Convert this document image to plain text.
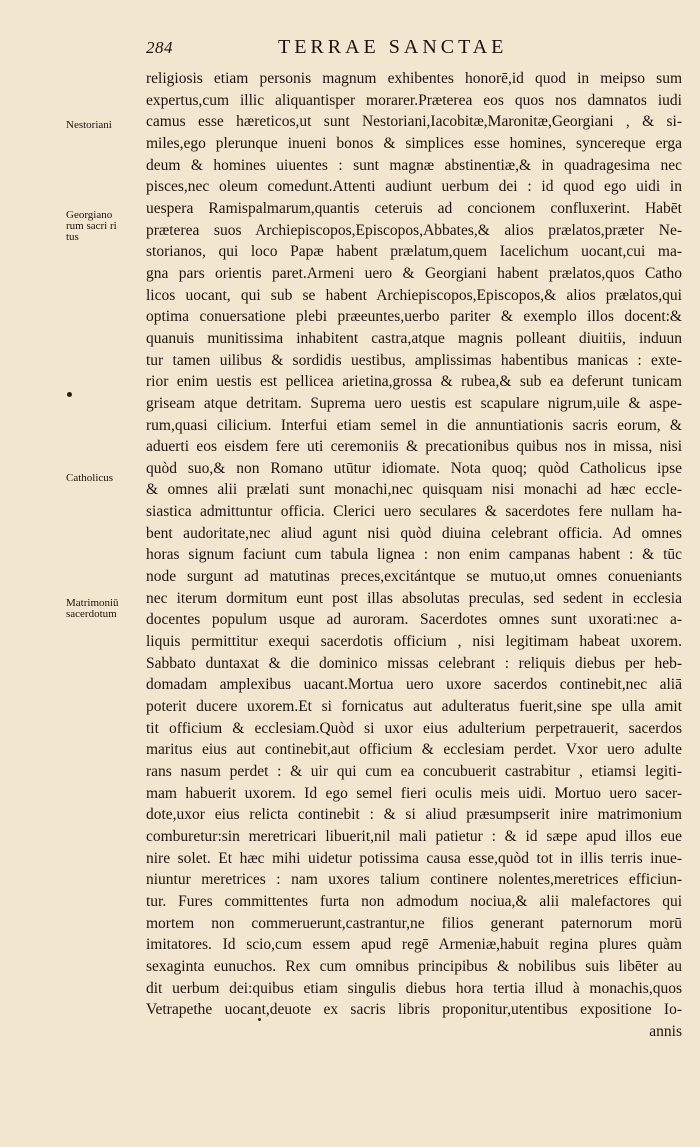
284	TERRAE SANCTAE
Nestoriani
Georgiano
rum sacri ri
tus
Catholicus
Matrimoniū
sacerdotum
religiosis etiam personis magnum exhibentes honorē,id quod in meipso sum
expertus,cum illic aliquantisper morarer.Præterea eos quos nos damnatos iudi
camus esse hæreticos,ut sunt Nestoriani,Iacobitæ,Maronitæ,Georgiani , & si-
miles,ego plerunque inueni bonos & simplices esse homines, syncereque erga
deum & homines uiuentes : sunt magnæ abstinentiæ,& in quadragesima nec
pisces,nec oleum comedunt.Attenti audiunt uerbum dei : id quod ego uidi in
uespera Ramispalmarum,quantis ceteruis ad concionem confluxerint. Habēt
præterea suos Archiepiscopos,Episcopos,Abbates,& alios prælatos,præter Ne-
storianos, qui loco Papæ habent prælatum,quem Iacelichum uocant,cui ma-
gna pars orientis paret.Armeni uero & Georgiani habent prælatos,quos Catho
licos uocant, qui sub se habent Archiepiscopos,Episcopos,& alios prælatos,qui
optima conuersatione plebi præeuntes,uerbo pariter & exemplo illos docent:&
quanuis munitissima inhabitent castra,atque magnis polleant diuitiis, induun
tur tamen uilibus & sordidis uestibus, amplissimas habentibus manicas : exte-
rior enim uestis est pellicea arietina,grossa & rubea,& sub ea deferunt tunicam
griseam atque detritam. Suprema uero uestis est scapulare nigrum,uile & aspe-
rum,quasi cilicium. Interfui etiam semel in die annuntiationis sacris eorum, &
aduerti eos eisdem fere uti ceremoniis & precationibus quibus nos in missa, nisi
quòd suo,& non Romano utūtur idiomate. Nota quoq; quòd Catholicus ipse
& omnes alii prælati sunt monachi,nec quisquam nisi monachi ad hæc eccle-
siastica admittuntur officia. Clerici uero seculares & sacerdotes fere nullam ha-
bent audoritate,nec aliud agunt nisi quòd diuina celebrant officia. Ad omnes
horas signum faciunt cum tabula lignea : non enim campanas habent : & tūc
node surgunt ad matutinas preces,excitántque se mutuo,ut omnes conueniants
nec iterum dormitum eunt post illas absolutas preculas, sed sedent in ecclesia
docentes populum usque ad auroram. Sacerdotes omnes sunt uxorati:nec a-
liquis permittitur exequi sacerdotis officium , nisi legitimam habeat uxorem.
Sabbato duntaxat & die dominico missas celebrant : reliquis diebus per heb-
domadam amplexibus uacant.Mortua uero uxore sacerdos continebit,nec aliā
poterit ducere uxorem.Et si fornicatus aut adulteratus fuerit,sine spe ulla amit
tit officium & ecclesiam.Quòd si uxor eius adulterium perpetrauerit, sacerdos
maritus eius aut continebit,aut officium & ecclesiam perdet. Vxor uero adulte
rans nasum perdet : & uir qui cum ea concubuerit castrabitur , etiamsi legiti-
mam habuerit uxorem. Id ego semel fieri oculis meis uidi. Mortuo uero sacer-
dote,uxor eius relicta continebit : & si aliud præsumpserit inire matrimonium
comburetur:sin meretricari libuerit,nil mali patietur : & id sæpe apud illos eue
nire solet. Et hæc mihi uidetur potissima causa esse,quòd tot in illis terris inue-
niuntur meretrices : nam uxores talium continere nolentes,meretrices efficiun-
tur. Fures committentes furta non admodum nociua,& alii malefactores qui
mortem non commeruerunt,castrantur,ne filios generant paternorum morū
imitatores. Id scio,cum essem apud regē Armeniæ,habuit regina plures quàm
sexaginta eunuchos. Rex cum omnibus principibus & nobilibus suis libēter au
dit uerbum dei:quibus etiam singulis diebus hora tertia illud à monachis,quos
Vetrapethe uocant,deuote ex sacris libris proponitur,utentibus expositione Io-
annis
